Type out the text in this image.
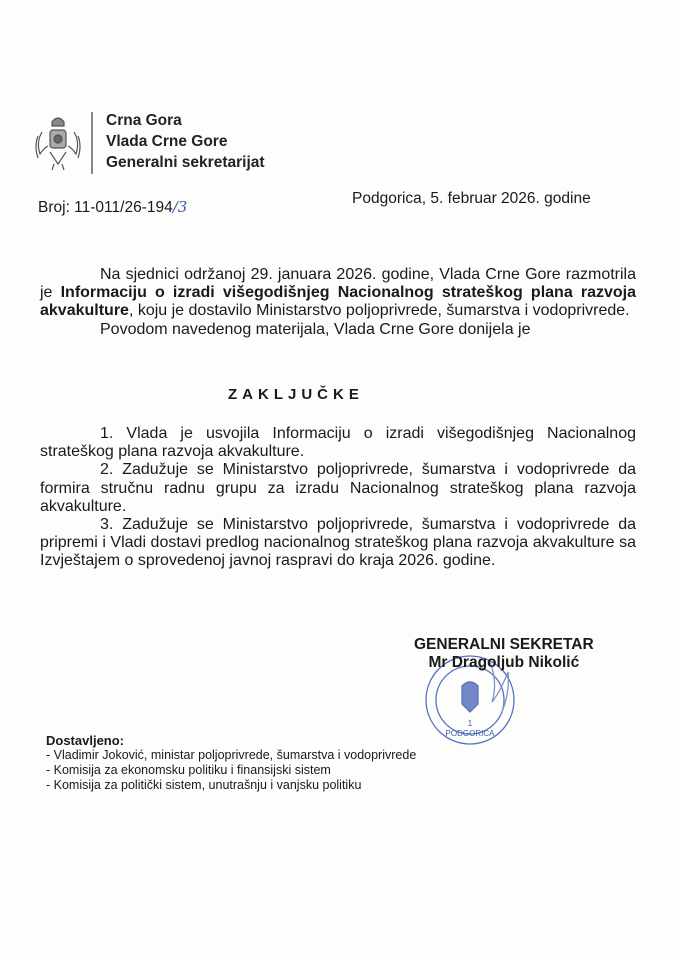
Crna Gora
Vlada Crne Gore
Generalni sekretarijat
Broj: 11-011/26-194/3	Podgorica, 5. februar 2026. godine

Na sjednici održanoj 29. januara 2026. godine, Vlada Crne Gore razmotrila je Informaciju o izradi višegodišnjeg Nacionalnog strateškog plana razvoja akvakulture, koju je dostavilo Ministarstvo poljoprivrede, šumarstva i vodoprivrede.

Povodom navedenog materijala, Vlada Crne Gore donijela je

ZAKLJUČKE

1. Vlada je usvojila Informaciju o izradi višegodišnjeg Nacionalnog strateškog plana razvoja akvakulture.

2. Zadužuje se Ministarstvo poljoprivrede, šumarstva i vodoprivrede da formira stručnu radnu grupu za izradu Nacionalnog strateškog plana razvoja akvakulture.

3. Zadužuje se Ministarstvo poljoprivrede, šumarstva i vodoprivrede da pripremi i Vladi dostavi predlog nacionalnog strateškog plana razvoja akvakulture sa Izvještajem o sprovedenoj javnoj raspravi do kraja 2026. godine.

PODGORICA
1
GENERALNI SEKRETAR
Mr Dragoljub Nikolić
Dostavljeno:
- Vladimir Joković, ministar poljoprivrede, šumarstva i vodoprivrede
- Komisija za ekonomsku politiku i finansijski sistem
- Komisija za politički sistem, unutrašnju i vanjsku politiku
